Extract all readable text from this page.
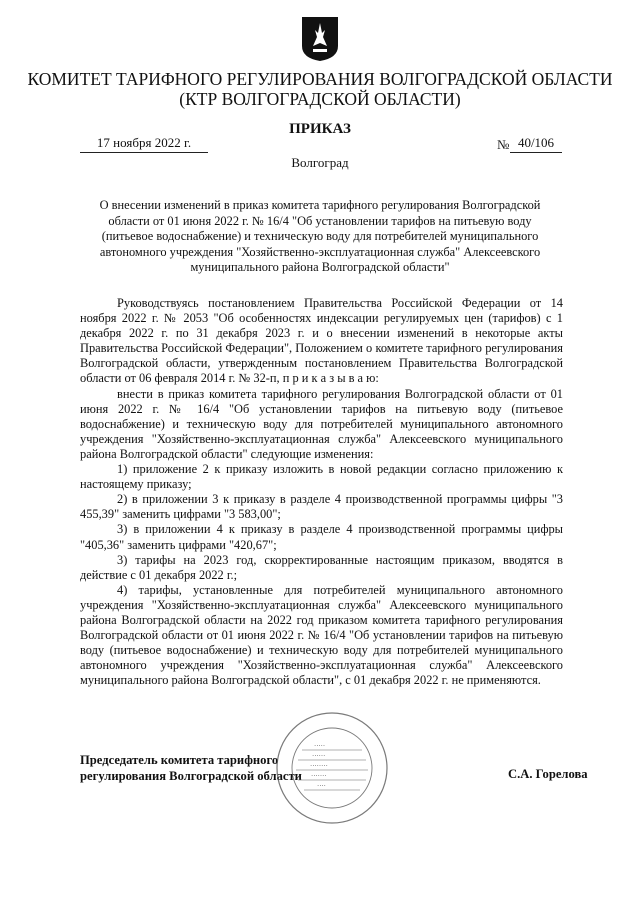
КОМИТЕТ ТАРИФНОГО РЕГУЛИРОВАНИЯ ВОЛГОГРАДСКОЙ ОБЛАСТИ
(КТР ВОЛГОГРАДСКОЙ ОБЛАСТИ)
ПРИКАЗ
17 ноября 2022 г.	№ 40/106
Волгоград
О внесении изменений в приказ комитета тарифного регулирования Волгоградской области от 01 июня 2022 г. № 16/4 "Об установлении тарифов на питьевую воду (питьевое водоснабжение) и техническую воду для потребителей муниципального автономного учреждения "Хозяйственно-эксплуатационная служба" Алексеевского муниципального района Волгоградской области"

Руководствуясь постановлением Правительства Российской Федерации от 14 ноября 2022 г. № 2053 "Об особенностях индексации регулируемых цен (тарифов) с 1 декабря 2022 г. по 31 декабря 2023 г. и о внесении изменений в некоторые акты Правительства Российской Федерации", Положением о комитете тарифного регулирования Волгоградской области, утвержденным постановлением Правительства Волгоградской области от 06 февраля 2014 г. № 32-п, п р и к а з ы в а ю:

внести в приказ комитета тарифного регулирования Волгоградской области от 01 июня 2022 г. № 16/4 "Об установлении тарифов на питьевую воду (питьевое водоснабжение) и техническую воду для потребителей муниципального автономного учреждения "Хозяйственно-эксплуатационная служба" Алексеевского муниципального района Волгоградской области" следующие изменения:

1) приложение 2 к приказу изложить в новой редакции согласно приложению к настоящему приказу;

2) в приложении 3 к приказу в разделе 4 производственной программы цифры "3 455,39" заменить цифрами "3 583,00";

3) в приложении 4 к приказу в разделе 4 производственной программы цифры "405,36" заменить цифрами "420,67";

3) тарифы на 2023 год, скорректированные настоящим приказом, вводятся в действие с 01 декабря 2022 г.;

4) тарифы, установленные для потребителей муниципального автономного учреждения "Хозяйственно-эксплуатационная служба" Алексеевского муниципального района Волгоградской области на 2022 год приказом комитета тарифного регулирования Волгоградской области от 01 июня 2022 г. № 16/4 "Об установлении тарифов на питьевую воду (питьевое водоснабжение) и техническую воду для потребителей муниципального автономного учреждения "Хозяйственно-эксплуатационная служба" Алексеевского муниципального района Волгоградской области", с 01 декабря 2022 г. не применяются.

Председатель комитета тарифного
регулирования Волгоградской области	С.А. Горелова
·····
······
········
·······
····
